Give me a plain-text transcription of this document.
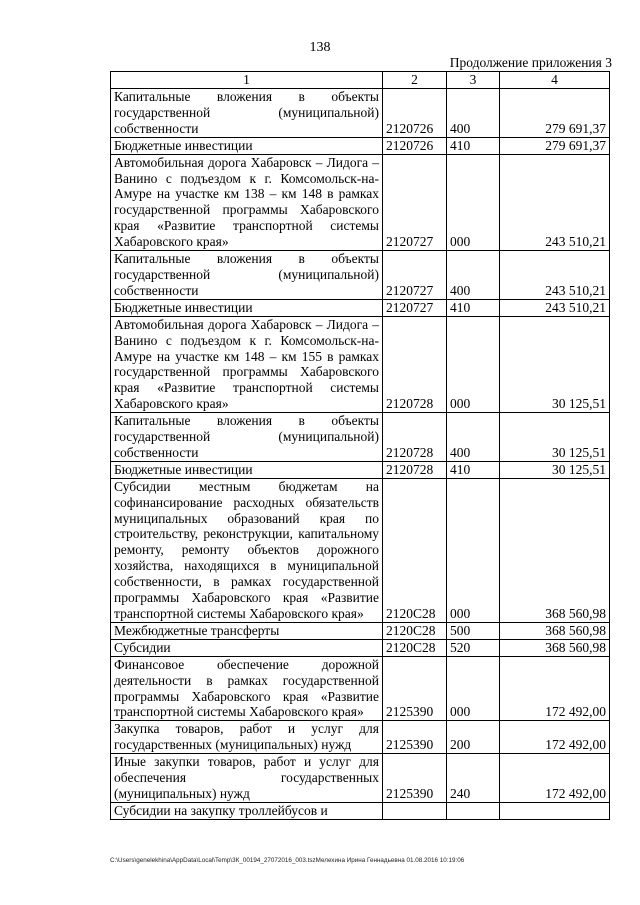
138
Продолжение приложения 3
1	2	3	4
Капитальные вложения в объекты государственной (муниципальной) собственности	2120726	400	279 691,37
Бюджетные инвестиции	2120726	410	279 691,37
Автомобильная дорога Хабаровск – Лидога – Ванино с подъездом к г. Комсомольск-на-Амуре на участке км 138 – км 148 в рамках государственной программы Хабаровского края «Развитие транспортной системы Хабаровского края»	2120727	000	243 510,21
Капитальные вложения в объекты государственной (муниципальной) собственности	2120727	400	243 510,21
Бюджетные инвестиции	2120727	410	243 510,21
Автомобильная дорога Хабаровск – Лидога – Ванино с подъездом к г. Комсомольск-на-Амуре на участке км 148 – км 155 в рамках государственной программы Хабаровского края «Развитие транспортной системы Хабаровского края»	2120728	000	30 125,51
Капитальные вложения в объекты государственной (муниципальной) собственности	2120728	400	30 125,51
Бюджетные инвестиции	2120728	410	30 125,51
Субсидии местным бюджетам на софинансирование расходных обязательств муниципальных образований края по строительству, реконструкции, капитальному ремонту, ремонту объектов дорожного хозяйства, находящихся в муниципальной собственности, в рамках государственной программы Хабаровского края «Развитие транспортной системы Хабаровского края»	2120С28	000	368 560,98
Межбюджетные трансферты	2120С28	500	368 560,98
Субсидии	2120С28	520	368 560,98
Финансовое обеспечение дорожной деятельности в рамках государственной программы Хабаровского края «Развитие транспортной системы Хабаровского края»	2125390	000	172 492,00
Закупка товаров, работ и услуг для государственных (муниципальных) нужд	2125390	200	172 492,00
Иные закупки товаров, работ и услуг для обеспечения государственных (муниципальных) нужд	2125390	240	172 492,00
Субсидии на закупку троллейбусов и			
C:\Users\genelekhina\AppData\Local\Temp\3К_00194_27072016_003.tszМелехина Ирина Геннадьевна 01.08.2016 10:19:06
